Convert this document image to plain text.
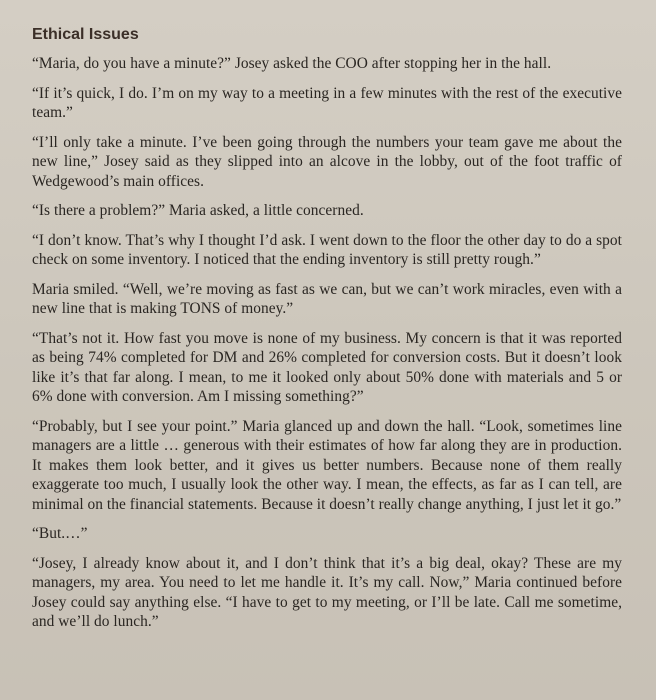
Ethical Issues

“Maria, do you have a minute?” Josey asked the COO after stopping her in the hall.

“If it’s quick, I do. I’m on my way to a meeting in a few minutes with the rest of the executive team.”

“I’ll only take a minute. I’ve been going through the numbers your team gave me about the new line,” Josey said as they slipped into an alcove in the lobby, out of the foot traffic of Wedgewood’s main offices.

“Is there a problem?” Maria asked, a little concerned.

“I don’t know. That’s why I thought I’d ask. I went down to the floor the other day to do a spot check on some inventory. I noticed that the ending inventory is still pretty rough.”

Maria smiled. “Well, we’re moving as fast as we can, but we can’t work miracles, even with a new line that is making TONS of money.”

“That’s not it. How fast you move is none of my business. My concern is that it was reported as being 74% completed for DM and 26% completed for conversion costs. But it doesn’t look like it’s that far along. I mean, to me it looked only about 50% done with materials and 5 or 6% done with conversion. Am I missing something?”

“Probably, but I see your point.” Maria glanced up and down the hall. “Look, sometimes line managers are a little … generous with their estimates of how far along they are in production. It makes them look better, and it gives us better numbers. Because none of them really exaggerate too much, I usually look the other way. I mean, the effects, as far as I can tell, are minimal on the financial statements. Because it doesn’t really change anything, I just let it go.”

“But.…”

“Josey, I already know about it, and I don’t think that it’s a big deal, okay? These are my managers, my area. You need to let me handle it. It’s my call. Now,” Maria continued before Josey could say anything else. “I have to get to my meeting, or I’ll be late. Call me sometime, and we’ll do lunch.”
